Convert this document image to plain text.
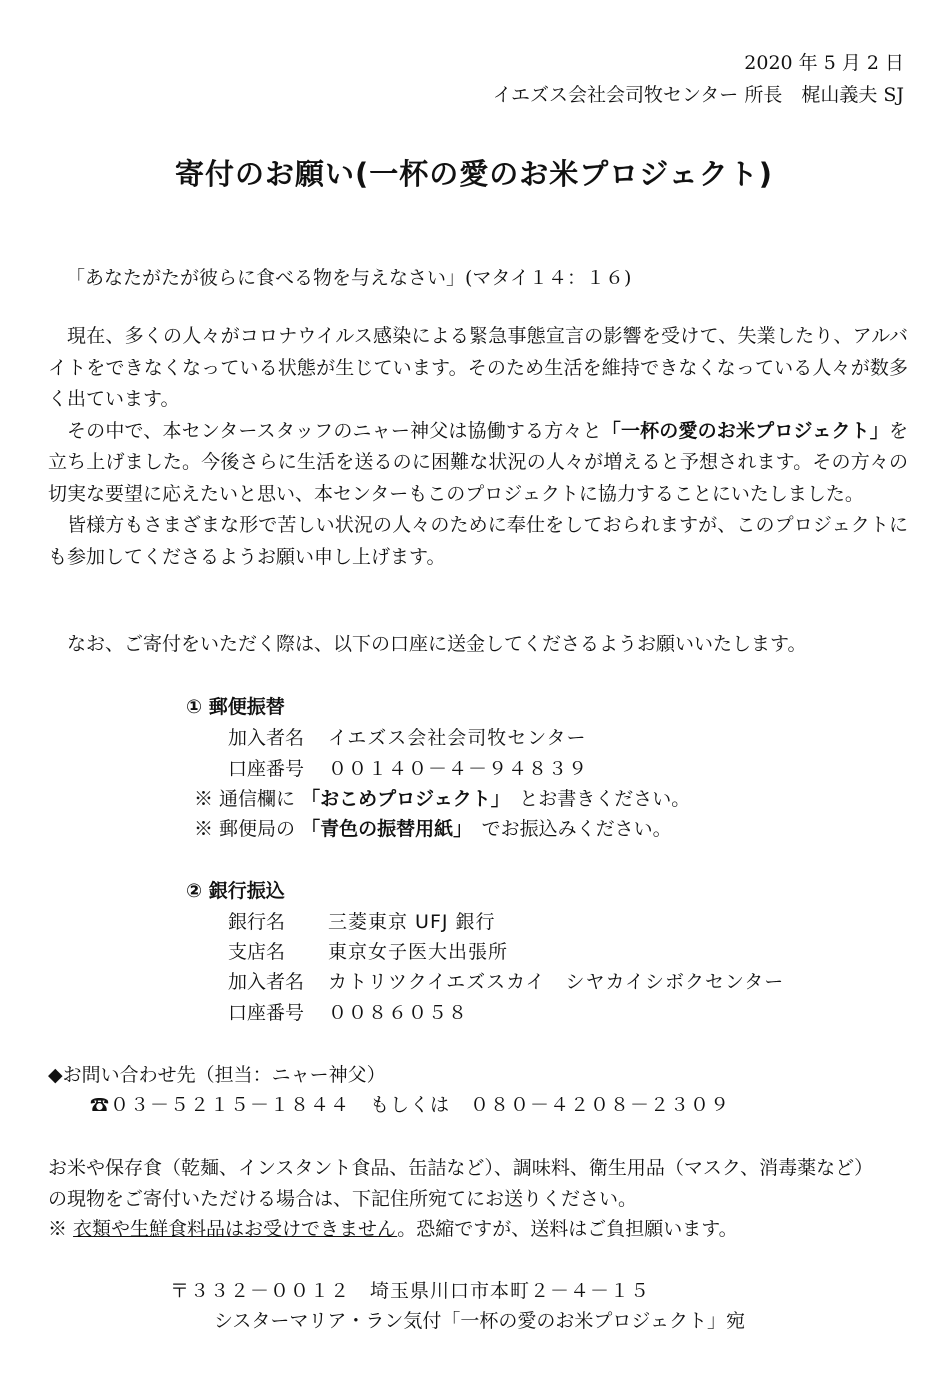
2020 年 5 月 2 日
イエズス会社会司牧センター 所長　梶山義夫 SJ
寄付のお願い(一杯の愛のお米プロジェクト)
「あなたがたが彼らに食べる物を与えなさい」(マタイ１４：１６)

現在、多くの人々がコロナウイルス感染による緊急事態宣言の影響を受けて、失業したり、アルバイトをできなくなっている状態が生じています。そのため生活を維持できなくなっている人々が数多く出ています。

その中で、本センタースタッフのニャー神父は協働する方々と「一杯の愛のお米プロジェクト」を立ち上げました。今後さらに生活を送るのに困難な状況の人々が増えると予想されます。その方々の切実な要望に応えたいと思い、本センターもこのプロジェクトに協力することにいたしました。

皆様方もさまざまな形で苦しい状況の人々のために奉仕をしておられますが、このプロジェクトにも参加してくださるようお願い申し上げます。

なお、ご寄付をいただく際は、以下の口座に送金してくださるようお願いいたします。
① 郵便振替
加入者名 イエズス会社会司牧センター
口座番号 ００１４０－４－９４８３９
※ 通信欄に 「おこめプロジェクト」　とお書きください。
※ 郵便局の 「青色の振替用紙」　でお振込みください。
② 銀行振込
銀行名 三菱東京 UFJ 銀行
支店名 東京女子医大出張所
加入者名 カトリツクイエズスカイ　シヤカイシボクセンター
口座番号 ００８６０５８
◆お問い合わせ先（担当：ニャー神父）
☎０３－５２１５－１８４４　もしくは　０８０－４２０８－２３０９
お米や保存食（乾麺、インスタント食品、缶詰など）、調味料、衛生用品（マスク、消毒薬など）
の現物をご寄付いただける場合は、下記住所宛てにお送りください。
※ 衣類や生鮮食料品はお受けできません。恐縮ですが、送料はご負担願います。
〒３３２－００１２　埼玉県川口市本町２－４－１５
シスターマリア・ラン気付「一杯の愛のお米プロジェクト」宛
